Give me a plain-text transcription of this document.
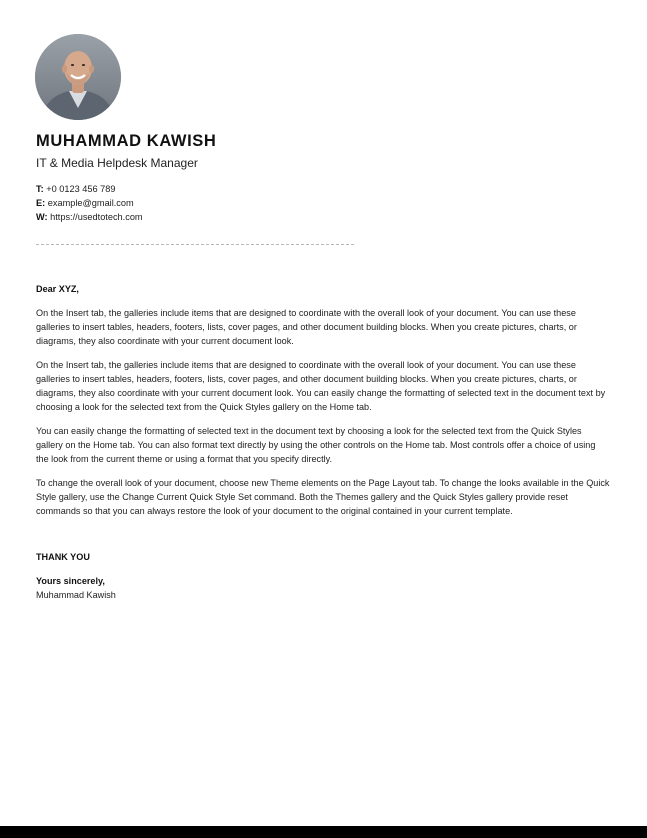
MUHAMMAD KAWISH
IT & Media Helpdesk Manager
T: +0 0123 456 789
E: example@gmail.com
W: https://usedtotech.com

Dear XYZ,

On the Insert tab, the galleries include items that are designed to coordinate with the overall look of your document. You can use these galleries to insert tables, headers, footers, lists, cover pages, and other document building blocks. When you create pictures, charts, or diagrams, they also coordinate with your current document look.

On the Insert tab, the galleries include items that are designed to coordinate with the overall look of your document. You can use these galleries to insert tables, headers, footers, lists, cover pages, and other document building blocks. When you create pictures, charts, or diagrams, they also coordinate with your current document look. You can easily change the formatting of selected text in the document text by choosing a look for the selected text from the Quick Styles gallery on the Home tab.

You can easily change the formatting of selected text in the document text by choosing a look for the selected text from the Quick Styles gallery on the Home tab. You can also format text directly by using the other controls on the Home tab. Most controls offer a choice of using the look from the current theme or using a format that you specify directly.

To change the overall look of your document, choose new Theme elements on the Page Layout tab. To change the looks available in the Quick Style gallery, use the Change Current Quick Style Set command. Both the Themes gallery and the Quick Styles gallery provide reset commands so that you can always restore the look of your document to the original contained in your current template.

THANK YOU

Yours sincerely,

Muhammad Kawish
